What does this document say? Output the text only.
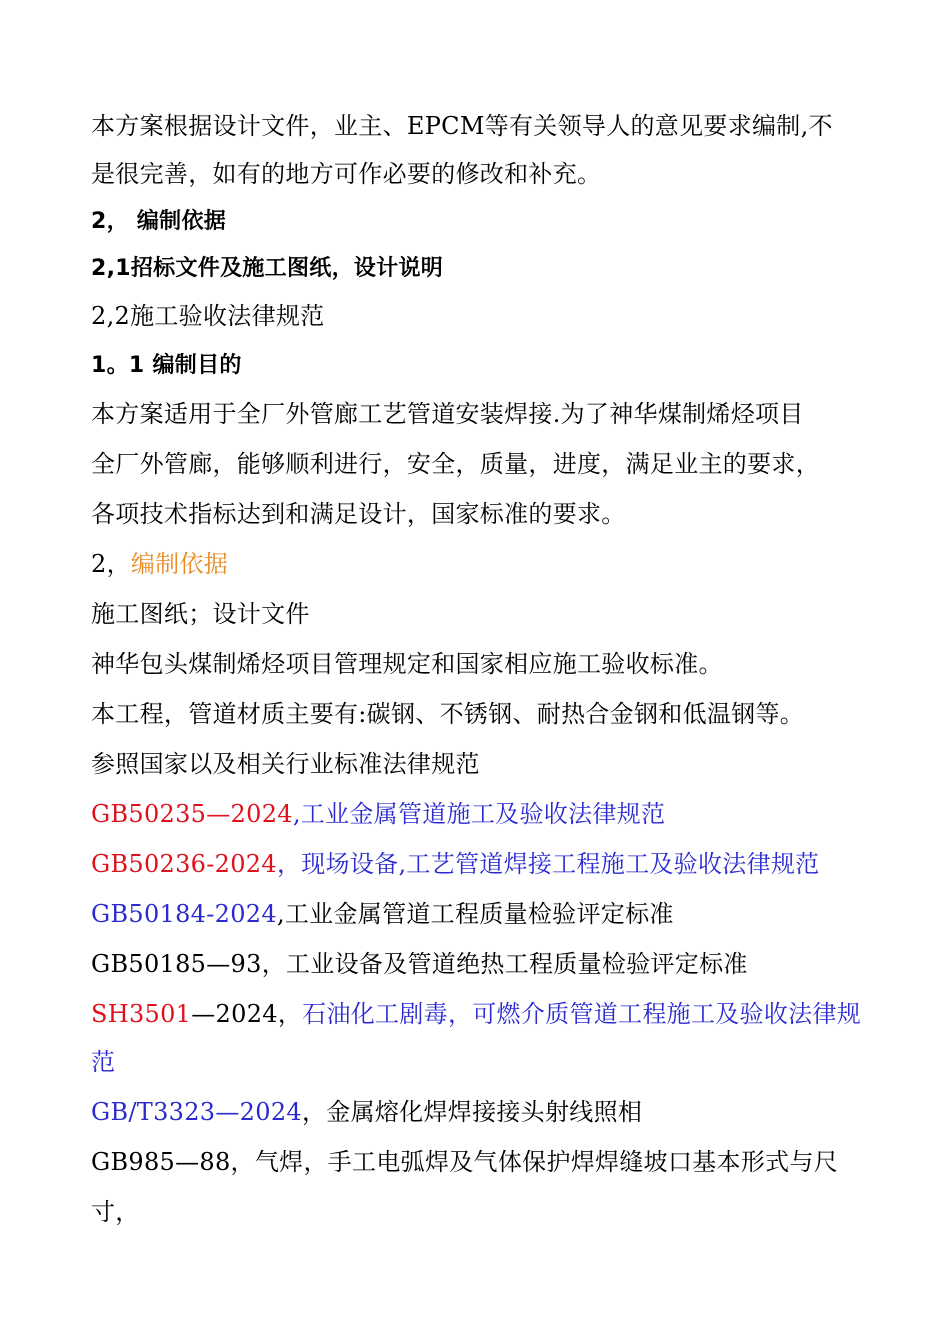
本方案根据设计文件，业主、EPCM等有关领导人的意见要求编制,不
是很完善，如有的地方可作必要的修改和补充。
2， 编制依据
2,1招标文件及施工图纸，设计说明
2,2施工验收法律规范
1。1 编制目的
本方案适用于全厂外管廊工艺管道安装焊接.为了神华煤制烯烃项目
全厂外管廊，能够顺利进行，安全，质量，进度，满足业主的要求，
各项技术指标达到和满足设计，国家标准的要求。
2，编制依据
施工图纸；设计文件
神华包头煤制烯烃项目管理规定和国家相应施工验收标准。
本工程，管道材质主要有:碳钢、不锈钢、耐热合金钢和低温钢等。
参照国家以及相关行业标准法律规范
GB50235—2024,工业金属管道施工及验收法律规范
GB50236-2024，现场设备,工艺管道焊接工程施工及验收法律规范
GB50184-2024,工业金属管道工程质量检验评定标准
GB50185—93，工业设备及管道绝热工程质量检验评定标准
SH3501—2024，石油化工剧毒，可燃介质管道工程施工及验收法律规
范
GB/T3323—2024，金属熔化焊焊接接头射线照相
GB985—88，气焊，手工电弧焊及气体保护焊焊缝坡口基本形式与尺
寸，
